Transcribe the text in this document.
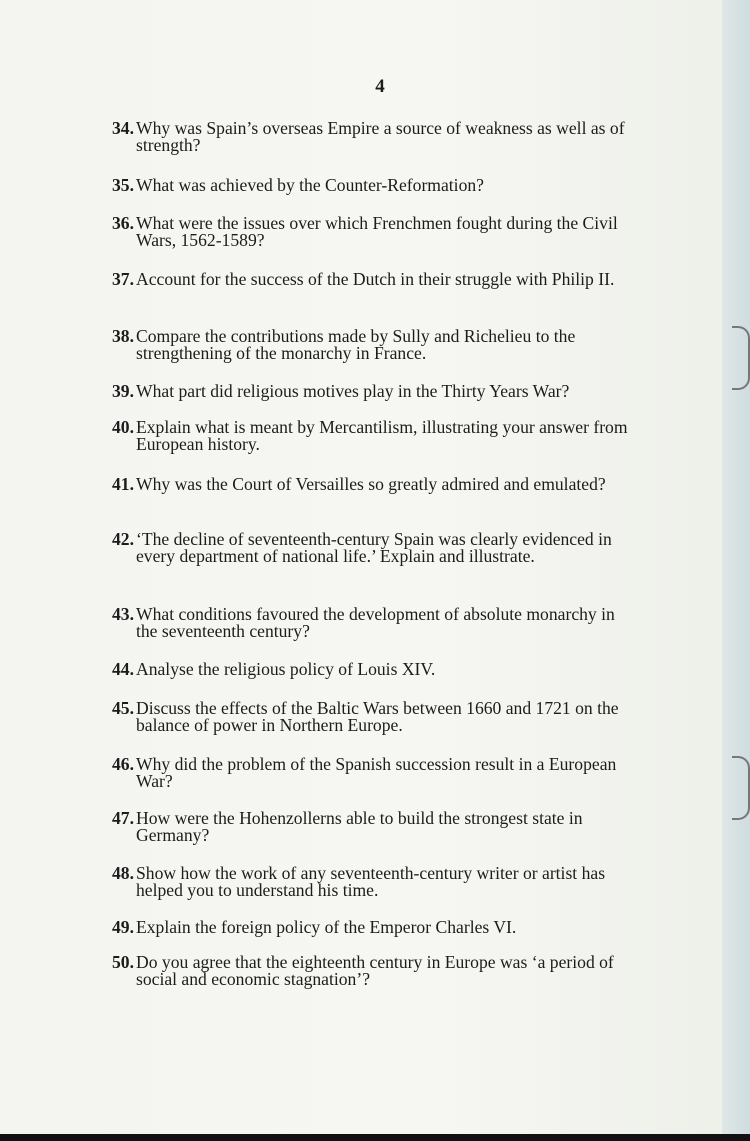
4
34. Why was Spain’s overseas Empire a source of weakness as well as of strength?
35. What was achieved by the Counter-Reformation?
36. What were the issues over which Frenchmen fought during the Civil Wars, 1562-1589?
37. Account for the success of the Dutch in their struggle with Philip II.
38. Compare the contributions made by Sully and Richelieu to the strengthening of the monarchy in France.
39. What part did religious motives play in the Thirty Years War?
40. Explain what is meant by Mercantilism, illustrating your answer from European history.
41. Why was the Court of Versailles so greatly admired and emulated?
42. ‘The decline of seventeenth-century Spain was clearly evidenced in every department of national life.’ Explain and illustrate.
43. What conditions favoured the development of absolute monarchy in the seventeenth century?
44. Analyse the religious policy of Louis XIV.
45. Discuss the effects of the Baltic Wars between 1660 and 1721 on the balance of power in Northern Europe.
46. Why did the problem of the Spanish succession result in a European War?
47. How were the Hohenzollerns able to build the strongest state in Germany?
48. Show how the work of any seventeenth-century writer or artist has helped you to understand his time.
49. Explain the foreign policy of the Emperor Charles VI.
50. Do you agree that the eighteenth century in Europe was ‘a period of social and economic stagnation’?
